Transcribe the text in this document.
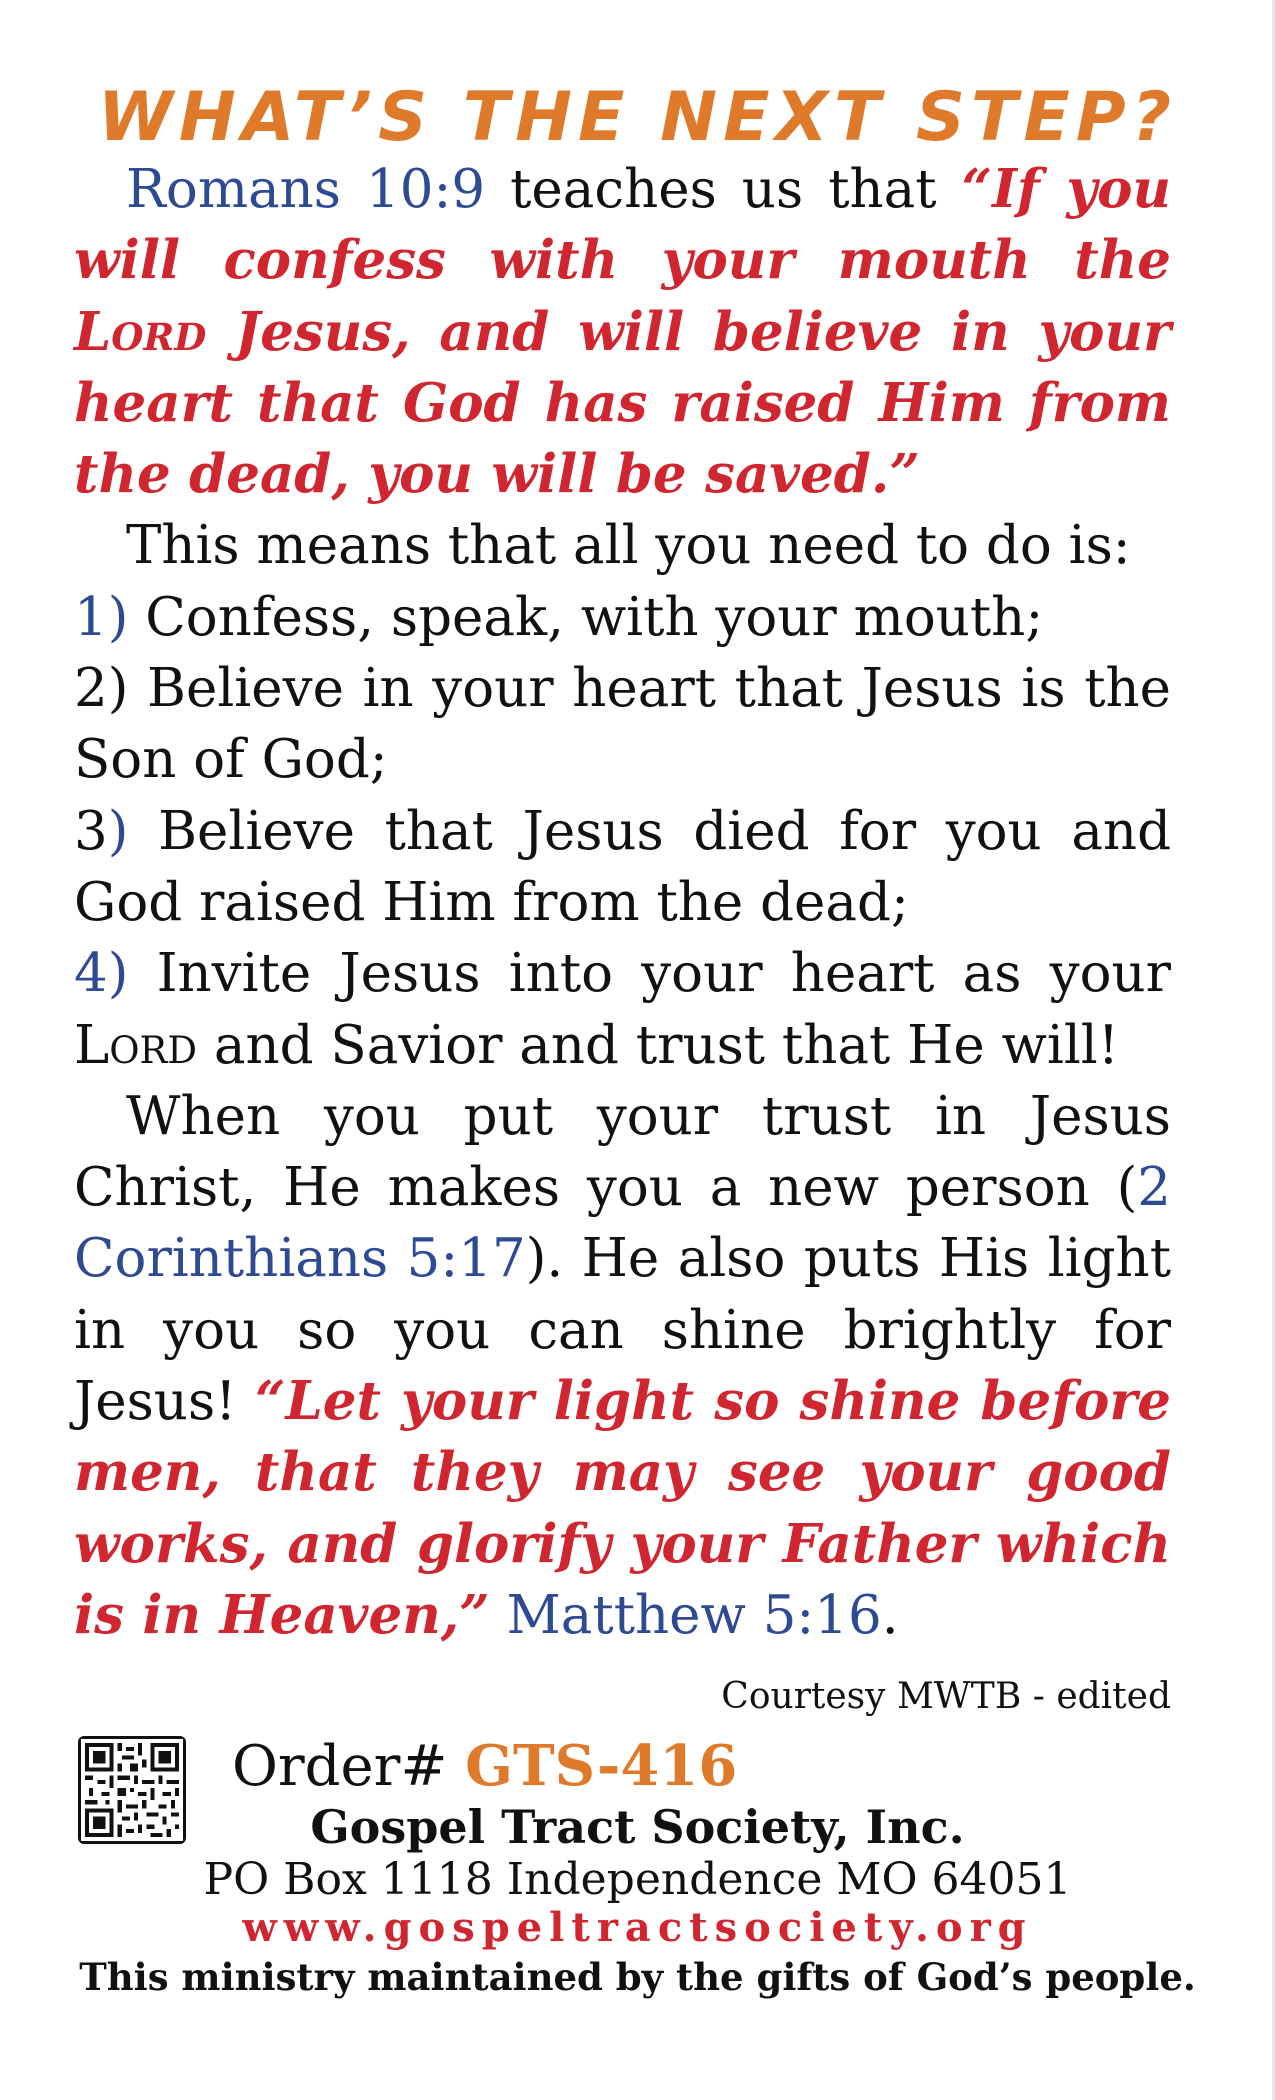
WHAT’S THE NEXT STEP?

Romans 10:9 teaches us that “If you will confess with your mouth the Lord Jesus, and will believe in your heart that God has raised Him from the dead, you will be saved.”

This means that all you need to do is:

1) Confess, speak, with your mouth;

2) Believe in your heart that Jesus is the Son of God;

3) Believe that Jesus died for you and God raised Him from the dead;

4) Invite Jesus into your heart as your Lord and Savior and trust that He will!

When you put your trust in Jesus Christ, He makes you a new person (2 Corinthians 5:17). He also puts His light in you so you can shine brightly for Jesus! “Let your light so shine before men, that they may see your good works, and glorify your Father which is in Heaven,” Matthew 5:16.
Courtesy MWTB - edited

Order# GTS-416

Gospel Tract Society, Inc.

PO Box 1118 Independence MO 64051

www.gospeltractsociety.org

This ministry maintained by the gifts of God’s people.
